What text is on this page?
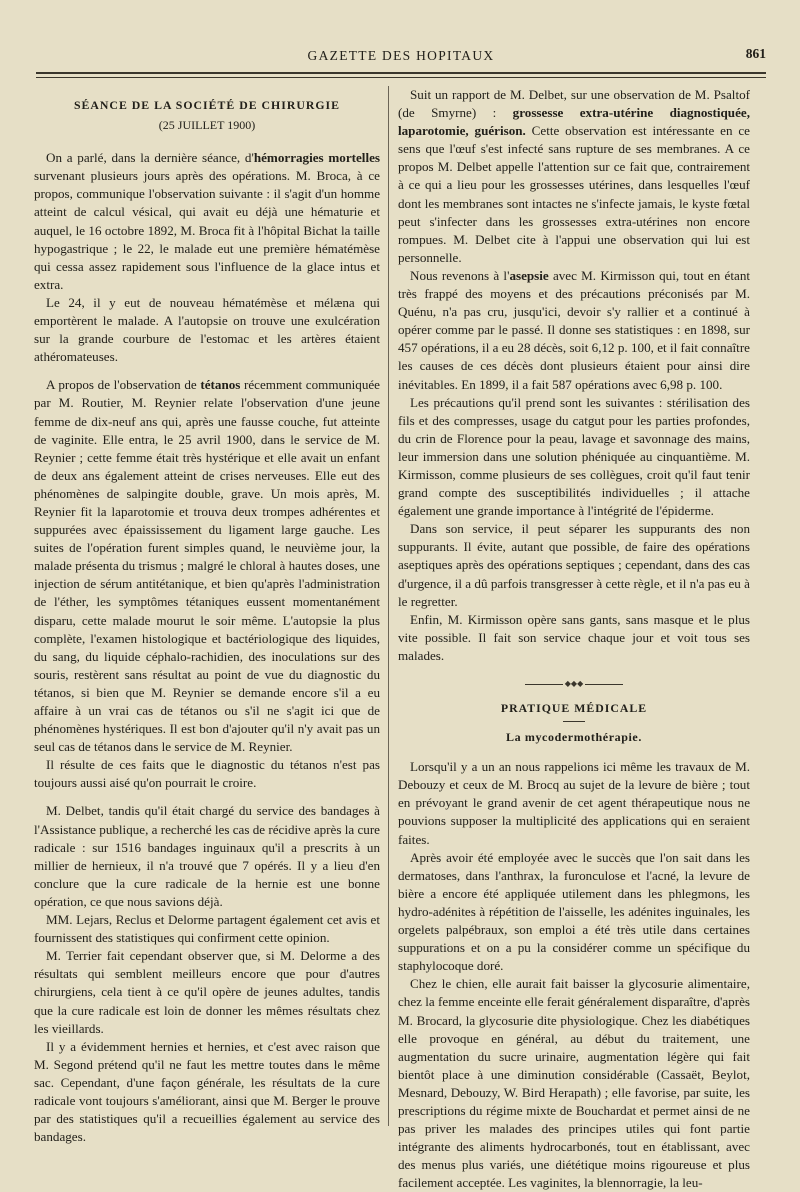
GAZETTE DES HOPITAUX	861
SÉANCE DE LA SOCIÉTÉ DE CHIRURGIE
(25 JUILLET 1900)

On a parlé, dans la dernière séance, d'hémorragies mortelles survenant plusieurs jours après des opérations. M. Broca, à ce propos, communique l'observation suivante : il s'agit d'un homme atteint de calcul vésical, qui avait eu déjà une hématurie et auquel, le 16 octobre 1892, M. Broca fit à l'hôpital Bichat la taille hypogastrique ; le 22, le malade eut une première hématémèse qui cessa assez rapidement sous l'influence de la glace intus et extra.

Le 24, il y eut de nouveau hématémèse et mélæna qui emportèrent le malade. A l'autopsie on trouve une exulcération sur la grande courbure de l'estomac et les artères étaient athéromateuses.

A propos de l'observation de tétanos récemment communiquée par M. Routier, M. Reynier relate l'observation d'une jeune femme de dix-neuf ans qui, après une fausse couche, fut atteinte de vaginite. Elle entra, le 25 avril 1900, dans le service de M. Reynier ; cette femme était très hystérique et elle avait un enfant de deux ans également atteint de crises nerveuses. Elle eut des phénomènes de salpingite double, grave. Un mois après, M. Reynier fit la laparotomie et trouva deux trompes adhérentes et suppurées avec épaississement du ligament large gauche. Les suites de l'opération furent simples quand, le neuvième jour, la malade présenta du trismus ; malgré le chloral à hautes doses, une injection de sérum antitétanique, et bien qu'après l'administration de l'éther, les symptômes tétaniques eussent momentanément disparu, cette malade mourut le soir même. L'autopsie la plus complète, l'examen histologique et bactériologique des liquides, du sang, du liquide céphalo-rachidien, des inoculations sur des souris, restèrent sans résultat au point de vue du diagnostic du tétanos, si bien que M. Reynier se demande encore s'il a eu affaire à un vrai cas de tétanos ou s'il ne s'agit ici que de phénomènes hystériques. Il est bon d'ajouter qu'il n'y avait pas un seul cas de tétanos dans le service de M. Reynier.

Il résulte de ces faits que le diagnostic du tétanos n'est pas toujours aussi aisé qu'on pourrait le croire.

M. Delbet, tandis qu'il était chargé du service des bandages à l'Assistance publique, a recherché les cas de récidive après la cure radicale : sur 1516 bandages inguinaux qu'il a prescrits à un millier de hernieux, il n'a trouvé que 7 opérés. Il y a lieu d'en conclure que la cure radicale de la hernie est une bonne opération, ce que nous savions déjà.

MM. Lejars, Reclus et Delorme partagent également cet avis et fournissent des statistiques qui confirment cette opinion.

M. Terrier fait cependant observer que, si M. Delorme a des résultats qui semblent meilleurs encore que pour d'autres chirurgiens, cela tient à ce qu'il opère de jeunes adultes, tandis que la cure radicale est loin de donner les mêmes résultats chez les vieillards.

Il y a évidemment hernies et hernies, et c'est avec raison que M. Segond prétend qu'il ne faut les mettre toutes dans le même sac. Cependant, d'une façon générale, les résultats de la cure radicale vont toujours s'améliorant, ainsi que M. Berger le prouve par des statistiques qu'il a recueillies également au service des bandages.

Suit un rapport de M. Delbet, sur une observation de M. Psaltof (de Smyrne) : grossesse extra-utérine diagnostiquée, laparotomie, guérison. Cette observation est intéressante en ce sens que l'œuf s'est infecté sans rupture de ses membranes. A ce propos M. Delbet appelle l'attention sur ce fait que, contrairement à ce qui a lieu pour les grossesses utérines, dans lesquelles l'œuf dont les membranes sont intactes ne s'infecte jamais, le kyste fœtal peut s'infecter dans les grossesses extra-utérines non encore rompues. M. Delbet cite à l'appui une observation qui lui est personnelle.

Nous revenons à l'asepsie avec M. Kirmisson qui, tout en étant très frappé des moyens et des précautions préconisés par M. Quénu, n'a pas cru, jusqu'ici, devoir s'y rallier et a continué à opérer comme par le passé. Il donne ses statistiques : en 1898, sur 457 opérations, il a eu 28 décès, soit 6,12 p. 100, et il fait connaître les causes de ces décès dont plusieurs étaient pour ainsi dire inévitables. En 1899, il a fait 587 opérations avec 6,98 p. 100.

Les précautions qu'il prend sont les suivantes : stérilisation des fils et des compresses, usage du catgut pour les parties profondes, du crin de Florence pour la peau, lavage et savonnage des mains, leur immersion dans une solution phéniquée au cinquantième. M. Kirmisson, comme plusieurs de ses collègues, croit qu'il faut tenir grand compte des susceptibilités individuelles ; il attache également une grande importance à l'intégrité de l'épiderme.

Dans son service, il peut séparer les suppurants des non suppurants. Il évite, autant que possible, de faire des opérations aseptiques après des opérations septiques ; cependant, dans des cas d'urgence, il a dû parfois transgresser à cette règle, et il n'a pas eu à le regretter.

Enfin, M. Kirmisson opère sans gants, sans masque et le plus vite possible. Il fait son service chaque jour et voit tous ses malades.

◆◆◆
PRATIQUE MÉDICALE
La mycodermothérapie.

Lorsqu'il y a un an nous rappelions ici même les travaux de M. Debouzy et ceux de M. Brocq au sujet de la levure de bière ; tout en prévoyant le grand avenir de cet agent thérapeutique nous ne pouvions supposer la multiplicité des applications qui en seraient faites.

Après avoir été employée avec le succès que l'on sait dans les dermatoses, dans l'anthrax, la furonculose et l'acné, la levure de bière a encore été appliquée utilement dans les phlegmons, les hydro-adénites à répétition de l'aisselle, les adénites inguinales, les orgelets palpébraux, son emploi a été très utile dans certaines suppurations et on a pu la considérer comme un spécifique du staphylocoque doré.

Chez le chien, elle aurait fait baisser la glycosurie alimentaire, chez la femme enceinte elle ferait généralement disparaître, d'après M. Brocard, la glycosurie dite physiologique. Chez les diabétiques elle provoque en général, au début du traitement, une augmentation du sucre urinaire, augmentation légère qui fait bientôt place à une diminution considérable (Cassaët, Beylot, Mesnard, Debouzy, W. Bird Herapath) ; elle favorise, par suite, les prescriptions du régime mixte de Bouchardat et permet ainsi de ne pas priver les malades des principes utiles qui font partie intégrante des aliments hydrocarbonés, tout en établissant, avec des menus plus variés, une diététique moins rigoureuse et plus facilement acceptée. Les vaginites, la blennorragie, la leu-
